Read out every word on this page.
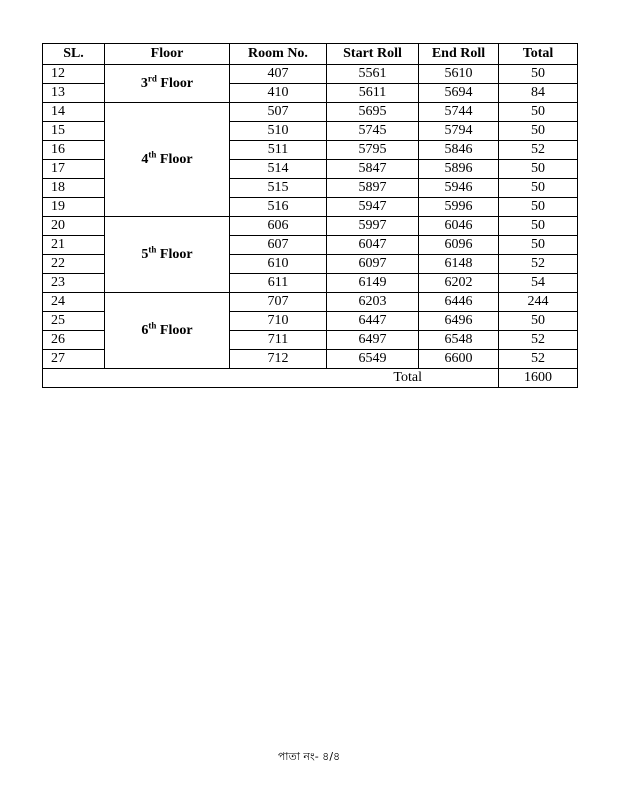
SL.	Floor	Room No.	Start Roll	End Roll	Total
12	3rd Floor	407	5561	5610	50
13		410	5611	5694	84
14	4th Floor	507	5695	5744	50
15		510	5745	5794	50
16		511	5795	5846	52
17		514	5847	5896	50
18		515	5897	5946	50
19		516	5947	5996	50
20	5th Floor	606	5997	6046	50
21		607	6047	6096	50
22		610	6097	6148	52
23		611	6149	6202	54
24	6th Floor	707	6203	6446	244
25		710	6447	6496	50
26		711	6497	6548	52
27		712	6549	6600	52
Total					1600
পাতা নং- ৪/৪
